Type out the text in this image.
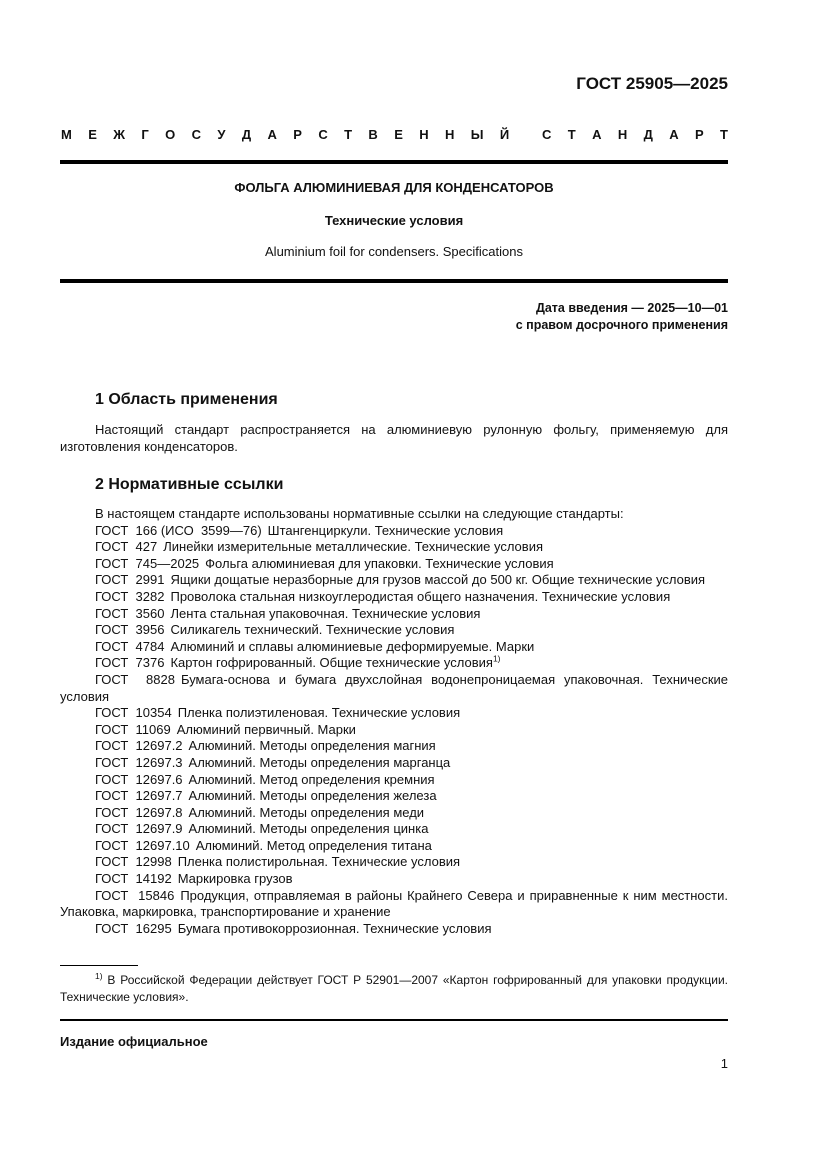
ГОСТ 25905—2025
М Е Ж Г О С У Д А Р С Т В Е Н Н Ы Й	С Т А Н Д А Р Т
ФОЛЬГА АЛЮМИНИЕВАЯ ДЛЯ КОНДЕНСАТОРОВ
Технические условия
Aluminium foil for condensers. Specifications
Дата введения — 2025—10—01
с правом досрочного применения
1 Область применения
Настоящий стандарт распространяется на алюминиевую рулонную фольгу, применяемую для изготовления конденсаторов.
2 Нормативные ссылки
В настоящем стандарте использованы нормативные ссылки на следующие стандарты:
ГОСТ  166 (ИСО  3599—76) Штангенциркули. Технические условия
ГОСТ  427 Линейки измерительные металлические. Технические условия
ГОСТ  745—2025 Фольга алюминиевая для упаковки. Технические условия
ГОСТ  2991 Ящики дощатые неразборные для грузов массой до 500 кг. Общие технические условия
ГОСТ  3282 Проволока стальная низкоуглеродистая общего назначения. Технические условия
ГОСТ  3560 Лента стальная упаковочная. Технические условия
ГОСТ  3956 Силикагель технический. Технические условия
ГОСТ  4784 Алюминий и сплавы алюминиевые деформируемые. Марки
ГОСТ  7376 Картон гофрированный. Общие технические условия$^{1)}$
ГОСТ  8828 Бумага-основа и бумага двухслойная водонепроницаемая упаковочная. Технические условия
ГОСТ  10354 Пленка полиэтиленовая. Технические условия
ГОСТ  11069 Алюминий первичный. Марки
ГОСТ  12697.2 Алюминий. Методы определения магния
ГОСТ  12697.3 Алюминий. Методы определения марганца
ГОСТ  12697.6 Алюминий. Метод определения кремния
ГОСТ  12697.7 Алюминий. Методы определения железа
ГОСТ  12697.8 Алюминий. Методы определения меди
ГОСТ  12697.9 Алюминий. Методы определения цинка
ГОСТ  12697.10 Алюминий. Метод определения титана
ГОСТ  12998 Пленка полистирольная. Технические условия
ГОСТ  14192 Маркировка грузов
ГОСТ  15846 Продукция, отправляемая в районы Крайнего Севера и приравненные к ним местности. Упаковка, маркировка, транспортирование и хранение
ГОСТ  16295 Бумага противокоррозионная. Технические условия
$^{1)}$ В Российской Федерации действует ГОСТ Р 52901—2007 «Картон гофрированный для упаковки продукции. Технические условия».
Издание официальное
1
